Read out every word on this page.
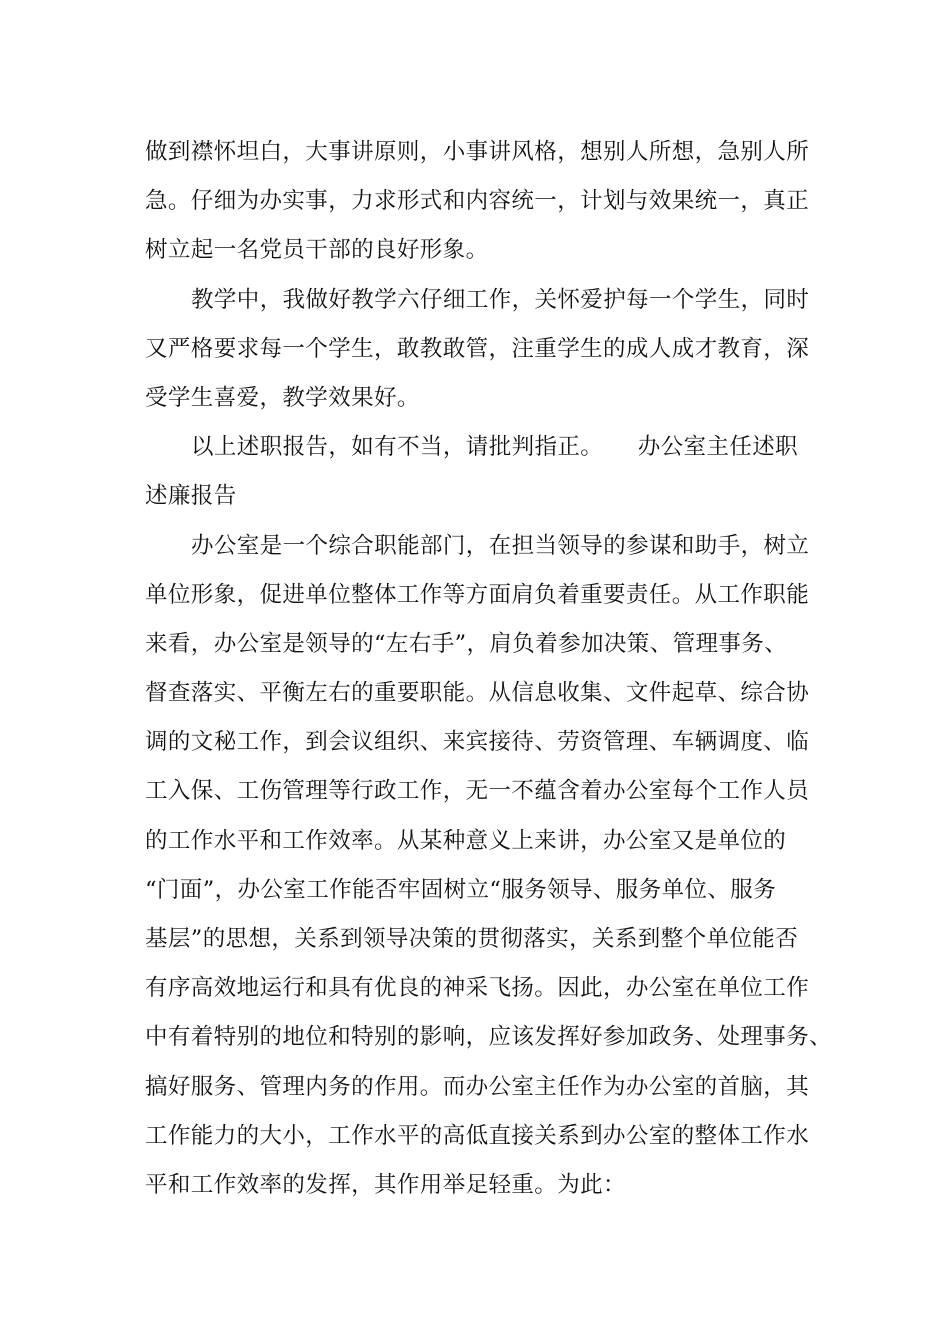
做到襟怀坦白，大事讲原则，小事讲风格，想别人所想，急别人所
急。仔细为办实事，力求形式和内容统一，计划与效果统一，真正
树立起一名党员干部的良好形象。
教学中，我做好教学六仔细工作，关怀爱护每一个学生，同时
又严格要求每一个学生，敢教敢管，注重学生的成人成才教育，深
受学生喜爱，教学效果好。
以上述职报告，如有不当，请批判指正。　　办公室主任述职
述廉报告
办公室是一个综合职能部门，在担当领导的参谋和助手，树立
单位形象，促进单位整体工作等方面肩负着重要责任。从工作职能
来看，办公室是领导的“左右手”，肩负着参加决策、管理事务、
督查落实、平衡左右的重要职能。从信息收集、文件起草、综合协
调的文秘工作，到会议组织、来宾接待、劳资管理、车辆调度、临
工入保、工伤管理等行政工作，无一不蕴含着办公室每个工作人员
的工作水平和工作效率。从某种意义上来讲，办公室又是单位的
“门面”，办公室工作能否牢固树立“服务领导、服务单位、服务
基层”的思想，关系到领导决策的贯彻落实，关系到整个单位能否
有序高效地运行和具有优良的神采飞扬。因此，办公室在单位工作
中有着特别的地位和特别的影响，应该发挥好参加政务、处理事务、
搞好服务、管理内务的作用。而办公室主任作为办公室的首脑，其
工作能力的大小，工作水平的高低直接关系到办公室的整体工作水
平和工作效率的发挥，其作用举足轻重。为此：
